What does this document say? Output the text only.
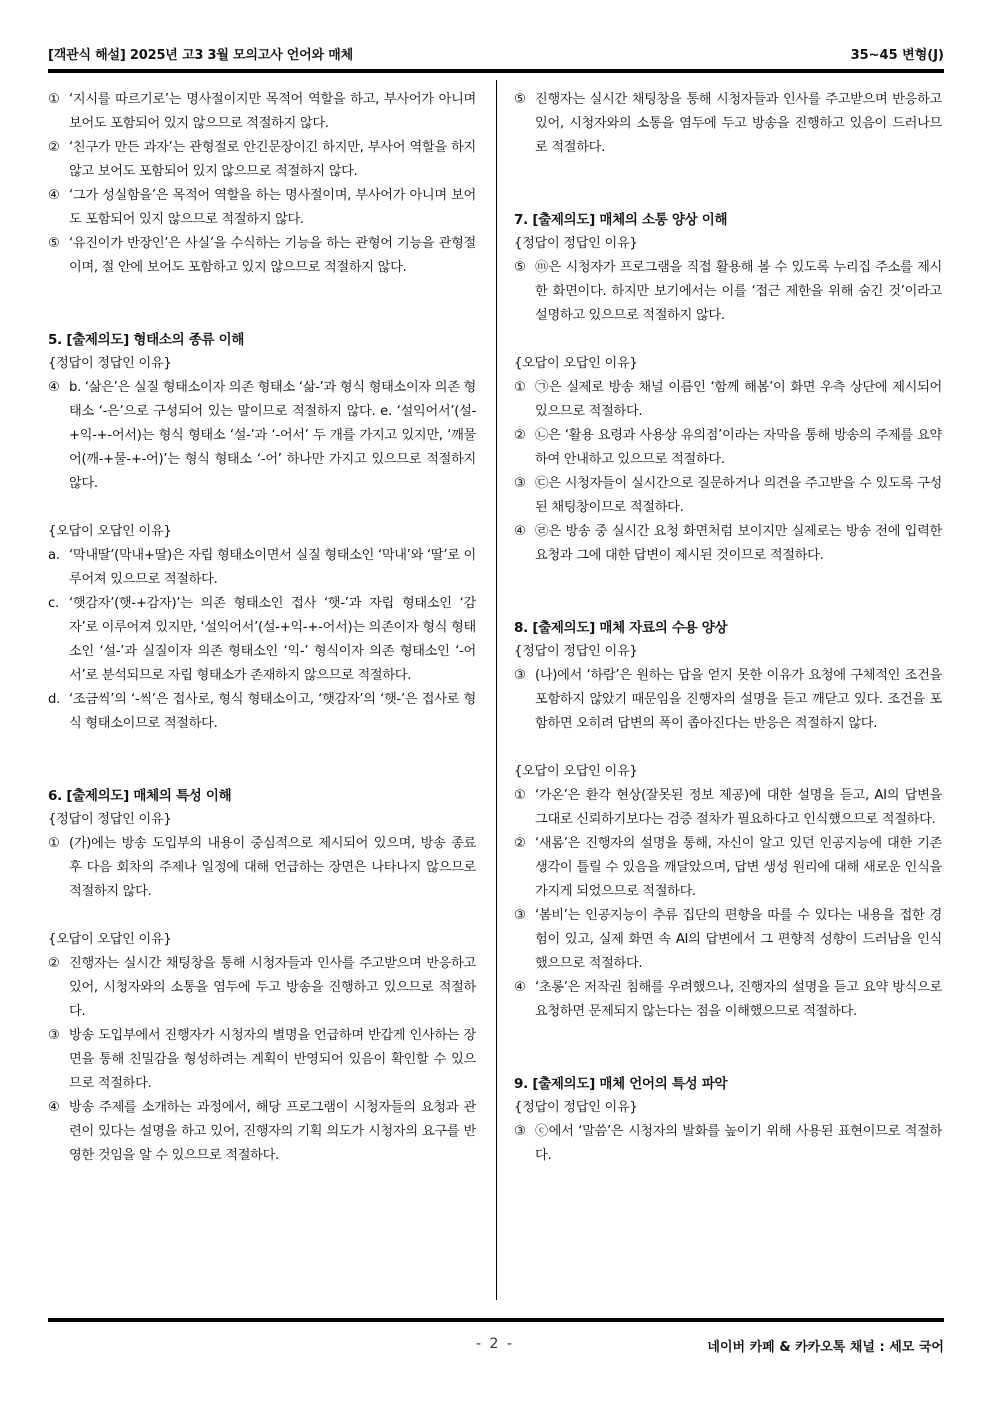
[객관식 해설] 2025년 고3 3월 모의고사 언어와 매체	35~45 변형(J)
① ‘지시를 따르기로’는 명사절이지만 목적어 역할을 하고, 부사어가 아니며 보어도 포함되어 있지 않으므로 적절하지 않다.
② ‘친구가 만든 과자’는 관형절로 안긴문장이긴 하지만, 부사어 역할을 하지 않고 보어도 포함되어 있지 않으므로 적절하지 않다.
④ ‘그가 성실함을’은 목적어 역할을 하는 명사절이며, 부사어가 아니며 보어도 포함되어 있지 않으므로 적절하지 않다.
⑤ ‘유진이가 반장인’은 사실’을 수식하는 기능을 하는 관형어 기능을 관형절이며, 절 안에 보어도 포함하고 있지 않으므로 적절하지 않다.

5. [출제의도] 형태소의 종류 이해

{정답이 정답인 이유}

④ b. ‘삶은’은 실질 형태소이자 의존 형태소 ‘삶-’과 형식 형태소이자 의존 형태소 ‘-은’으로 구성되어 있는 말이므로 적절하지 않다. e. ‘설익어서’(설-+익-+-어서)는 형식 형태소 ‘설-’과 ‘-어서’ 두 개를 가지고 있지만, ‘깨물어(깨-+물-+-어)’는 형식 형태소 ‘-어’ 하나만 가지고 있으므로 적절하지 않다.

{오답이 오답인 이유}

a. ‘막내딸’(막내+딸)은 자립 형태소이면서 실질 형태소인 ‘막내’와 ‘딸’로 이루어져 있으므로 적절하다.
c. ‘햇감자’(햇-+감자)’는 의존 형태소인 접사 ‘햇-’과 자립 형태소인 ‘감자’로 이루어져 있지만, ‘설익어서’(설-+익-+-어서)는 의존이자 형식 형태소인 ‘설-’과 실질이자 의존 형태소인 ‘익-’ 형식이자 의존 형태소인 ‘-어서’로 분석되므로 자립 형태소가 존재하지 않으므로 적절하다.
d. ‘조금씩’의 ‘-씩’은 접사로, 형식 형태소이고, ‘햇감자’의 ‘햇-’은 접사로 형식 형태소이므로 적절하다.

6. [출제의도] 매체의 특성 이해

{정답이 정답인 이유}

① (가)에는 방송 도입부의 내용이 중심적으로 제시되어 있으며, 방송 종료 후 다음 회차의 주제나 일정에 대해 언급하는 장면은 나타나지 않으므로 적절하지 않다.

{오답이 오답인 이유}

② 진행자는 실시간 채팅창을 통해 시청자들과 인사를 주고받으며 반응하고 있어, 시청자와의 소통을 염두에 두고 방송을 진행하고 있으므로 적절하다.
③ 방송 도입부에서 진행자가 시청자의 별명을 언급하며 반갑게 인사하는 장면을 통해 친밀감을 형성하려는 계획이 반영되어 있음이 확인할 수 있으므로 적절하다.
④ 방송 주제를 소개하는 과정에서, 해당 프로그램이 시청자들의 요청과 관련이 있다는 설명을 하고 있어, 진행자의 기획 의도가 시청자의 요구를 반영한 것임을 알 수 있으므로 적절하다.
⑤ 진행자는 실시간 채팅창을 통해 시청자들과 인사를 주고받으며 반응하고 있어, 시청자와의 소통을 염두에 두고 방송을 진행하고 있음이 드러나므로 적절하다.

7. [출제의도] 매체의 소통 양상 이해

{정답이 정답인 이유}

⑤ ⓜ은 시청자가 프로그램을 직접 활용해 볼 수 있도록 누리집 주소를 제시한 화면이다. 하지만 보기에서는 이를 ‘접근 제한을 위해 숨긴 것’이라고 설명하고 있으므로 적절하지 않다.

{오답이 오답인 이유}

① ㉠은 실제로 방송 채널 이름인 ‘함께 해봄’이 화면 우측 상단에 제시되어 있으므로 적절하다.
② ㉡은 ‘활용 요령과 사용상 유의점’이라는 자막을 통해 방송의 주제를 요약하여 안내하고 있으므로 적절하다.
③ ㉢은 시청자들이 실시간으로 질문하거나 의견을 주고받을 수 있도록 구성된 채팅창이므로 적절하다.
④ ㉣은 방송 중 실시간 요청 화면처럼 보이지만 실제로는 방송 전에 입력한 요청과 그에 대한 답변이 제시된 것이므로 적절하다.

8. [출제의도] 매체 자료의 수용 양상

{정답이 정답인 이유}

③ (나)에서 ‘하람’은 원하는 답을 얻지 못한 이유가 요청에 구체적인 조건을 포함하지 않았기 때문임을 진행자의 설명을 듣고 깨닫고 있다. 조건을 포함하면 오히려 답변의 폭이 좁아진다는 반응은 적절하지 않다.

{오답이 오답인 이유}

① ‘가온’은 환각 현상(잘못된 정보 제공)에 대한 설명을 듣고, AI의 답변을 그대로 신뢰하기보다는 검증 절차가 필요하다고 인식했으므로 적절하다.
② ‘새롬’은 진행자의 설명을 통해, 자신이 알고 있던 인공지능에 대한 기존 생각이 틀릴 수 있음을 깨달았으며, 답변 생성 원리에 대해 새로운 인식을 가지게 되었으므로 적절하다.
③ ‘봄비’는 인공지능이 추류 집단의 편향을 따를 수 있다는 내용을 접한 경험이 있고, 실제 화면 속 AI의 답변에서 그 편향적 성향이 드러남을 인식했으므로 적절하다.
④ ‘초롱’은 저작권 침해를 우려했으나, 진행자의 설명을 듣고 요약 방식으로 요청하면 문제되지 않는다는 점을 이해했으므로 적절하다.

9. [출제의도] 매체 언어의 특성 파악

{정답이 정답인 이유}

③ ⓒ에서 ‘말씀’은 시청자의 발화를 높이기 위해 사용된 표현이므로 적절하다.
- 2 -	네이버 카페 & 카카오톡 채널 : 세모 국어
